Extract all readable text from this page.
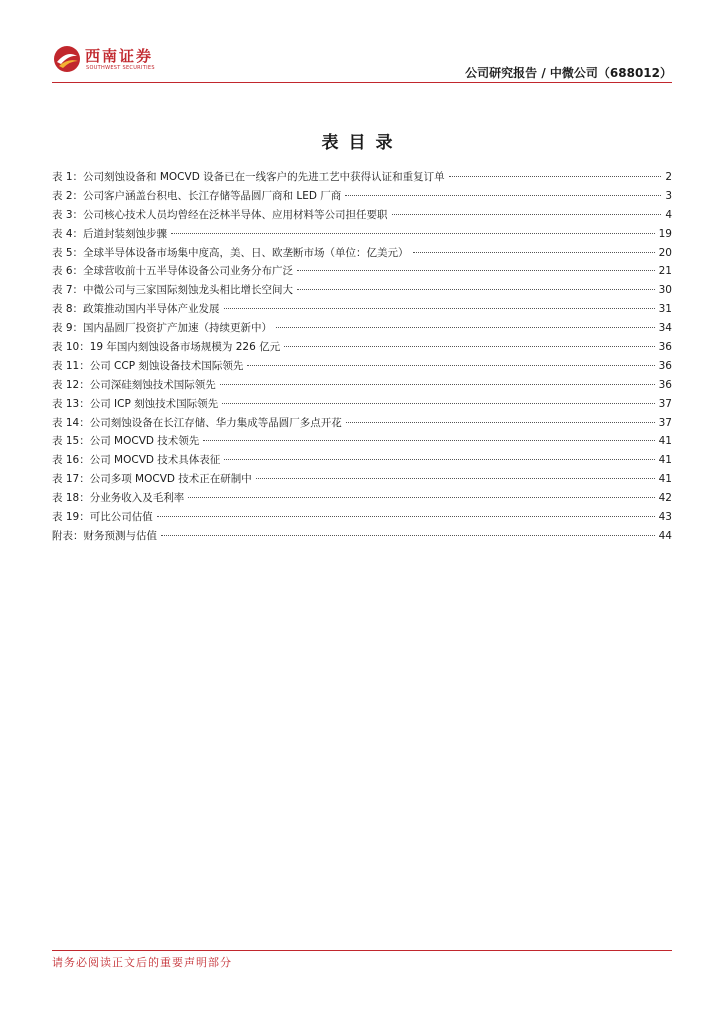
西南证券
SOUTHWEST SECURITIES	公司研究报告 / 中微公司（688012）
表目录
表 1：公司刻蚀设备和 MOCVD 设备已在一线客户的先进工艺中获得认证和重复订单	2
表 2：公司客户涵盖台积电、长江存储等晶圆厂商和 LED 厂商	3
表 3：公司核心技术人员均曾经在泛林半导体、应用材料等公司担任要职	4
表 4：后道封装刻蚀步骤	19
表 5：全球半导体设备市场集中度高，美、日、欧垄断市场（单位：亿美元）	20
表 6：全球营收前十五半导体设备公司业务分布广泛	21
表 7：中微公司与三家国际刻蚀龙头相比增长空间大	30
表 8：政策推动国内半导体产业发展	31
表 9：国内晶圆厂投资扩产加速（持续更新中）	34
表 10：19 年国内刻蚀设备市场规模为 226 亿元	36
表 11：公司 CCP 刻蚀设备技术国际领先	36
表 12：公司深硅刻蚀技术国际领先	36
表 13：公司 ICP 刻蚀技术国际领先	37
表 14：公司刻蚀设备在长江存储、华力集成等晶圆厂多点开花	37
表 15：公司 MOCVD 技术领先	41
表 16：公司 MOCVD 技术具体表征	41
表 17：公司多项 MOCVD 技术正在研制中	41
表 18：分业务收入及毛利率	42
表 19：可比公司估值	43
附表：财务预测与估值	44
请务必阅读正文后的重要声明部分
